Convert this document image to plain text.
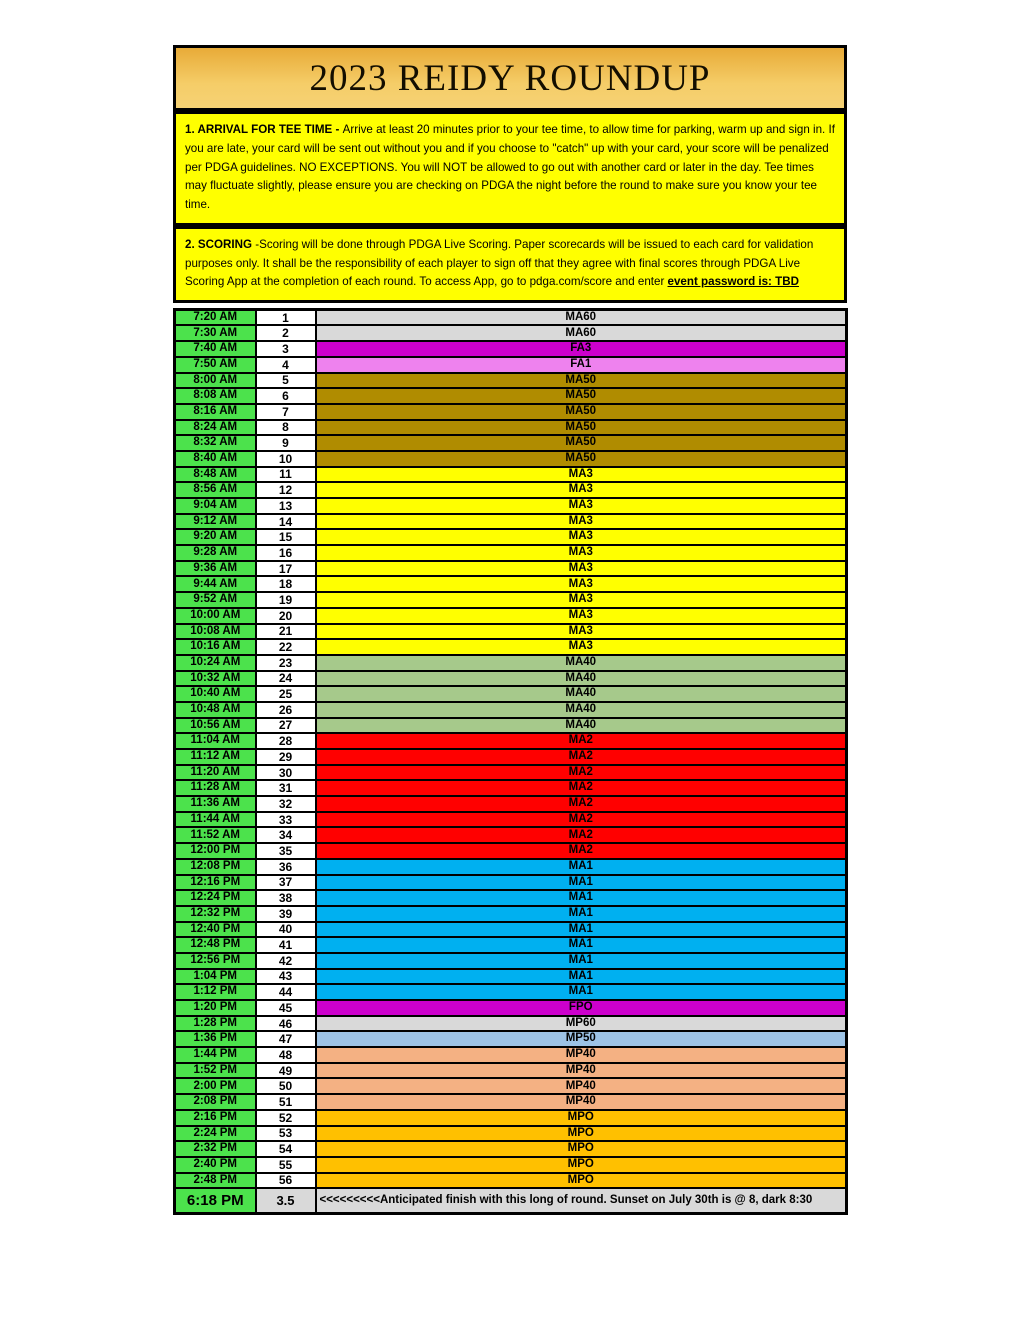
2023 REIDY ROUNDUP
1. ARRIVAL FOR TEE TIME - Arrive at least 20 minutes prior to your tee time, to allow time for parking, warm up and sign in. If you are late, your card will be sent out without you and if you choose to "catch" up with your card, your score will be penalized per PDGA guidelines. NO EXCEPTIONS. You will NOT be allowed to go out with another card or later in the day. Tee times may fluctuate slightly, please ensure you are checking on PDGA the night before the round to make sure you know your tee time.
2. SCORING -Scoring will be done through PDGA Live Scoring. Paper scorecards will be issued to each card for validation purposes only. It shall be the responsibility of each player to sign off that they agree with final scores through PDGA Live Scoring App at the completion of each round. To access App, go to pdga.com/score and enter event password is: TBD
7:20 AM	1	MA60
7:30 AM	2	MA60
7:40 AM	3	FA3
7:50 AM	4	FA1
8:00 AM	5	MA50
8:08 AM	6	MA50
8:16 AM	7	MA50
8:24 AM	8	MA50
8:32 AM	9	MA50
8:40 AM	10	MA50
8:48 AM	11	MA3
8:56 AM	12	MA3
9:04 AM	13	MA3
9:12 AM	14	MA3
9:20 AM	15	MA3
9:28 AM	16	MA3
9:36 AM	17	MA3
9:44 AM	18	MA3
9:52 AM	19	MA3
10:00 AM	20	MA3
10:08 AM	21	MA3
10:16 AM	22	MA3
10:24 AM	23	MA40
10:32 AM	24	MA40
10:40 AM	25	MA40
10:48 AM	26	MA40
10:56 AM	27	MA40
11:04 AM	28	MA2
11:12 AM	29	MA2
11:20 AM	30	MA2
11:28 AM	31	MA2
11:36 AM	32	MA2
11:44 AM	33	MA2
11:52 AM	34	MA2
12:00 PM	35	MA2
12:08 PM	36	MA1
12:16 PM	37	MA1
12:24 PM	38	MA1
12:32 PM	39	MA1
12:40 PM	40	MA1
12:48 PM	41	MA1
12:56 PM	42	MA1
1:04 PM	43	MA1
1:12 PM	44	MA1
1:20 PM	45	FPO
1:28 PM	46	MP60
1:36 PM	47	MP50
1:44 PM	48	MP40
1:52 PM	49	MP40
2:00 PM	50	MP40
2:08 PM	51	MP40
2:16 PM	52	MPO
2:24 PM	53	MPO
2:32 PM	54	MPO
2:40 PM	55	MPO
2:48 PM	56	MPO
6:18 PM	3.5	<<<<<<<<<Anticipated finish with this long of round. Sunset on July 30th is @ 8, dark 8:30
